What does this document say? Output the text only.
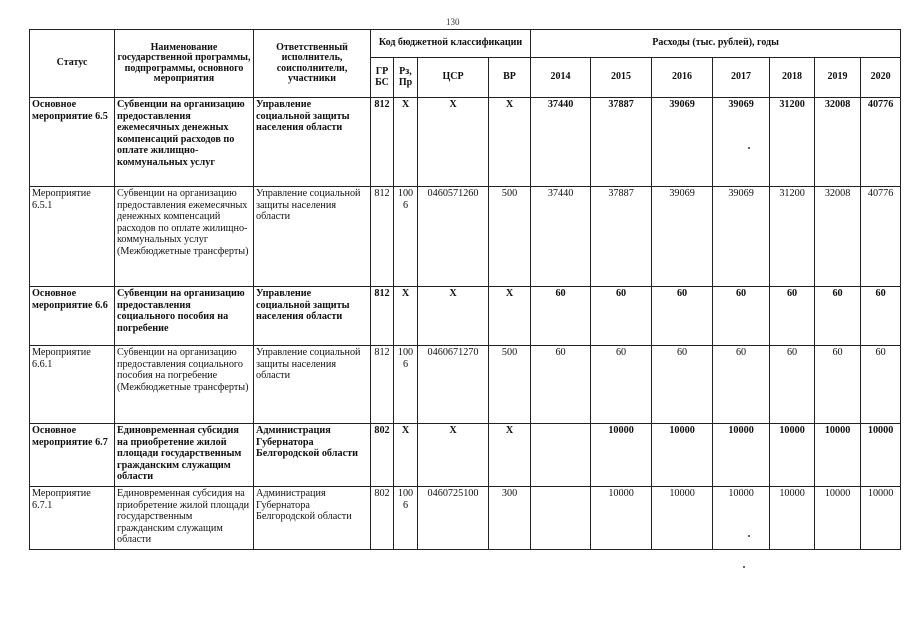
130
Статус	Наименование государственной программы, подпрограммы, основного мероприятия	Ответственный исполнитель, соисполнители, участники	Код бюджетной классификации				Расходы (тыс. рублей), годы						
			ГРБС	Рз, Пр	ЦСР	ВР	2014	2015	2016	2017	2018	2019	2020
Основное мероприятие 6.5	Субвенции на организацию предоставления ежемесячных денежных компенсаций расходов по оплате жилищно-коммунальных услуг	Управление социальной защиты населения области	812	Х	Х	Х	37440	37887	39069	39069	31200	32008	40776
Мероприятие 6.5.1	Субвенции на организацию предоставления ежемесячных денежных компенсаций расходов по оплате жилищно-коммунальных услуг (Межбюджетные трансферты)	Управление социальной защиты населения области	812	1006	0460571260	500	37440	37887	39069	39069	31200	32008	40776
Основное мероприятие 6.6	Субвенции на организацию предоставления социального пособия на погребение	Управление социальной защиты населения области	812	Х	Х	Х	60	60	60	60	60	60	60
Мероприятие 6.6.1	Субвенции на организацию предоставления социального пособия на погребение (Межбюджетные трансферты)	Управление социальной защиты населения области	812	1006	0460671270	500	60	60	60	60	60	60	60
Основное мероприятие 6.7	Единовременная субсидия на приобретение жилой площади государственным гражданским служащим области	Администрация Губернатора Белгородской области	802	Х	Х	Х		10000	10000	10000	10000	10000	10000
Мероприятие 6.7.1	Единовременная субсидия на приобретение жилой площади государственным гражданским служащим области	Администрация Губернатора Белгородской области	802	1006	0460725100	300		10000	10000	10000	10000	10000	10000
